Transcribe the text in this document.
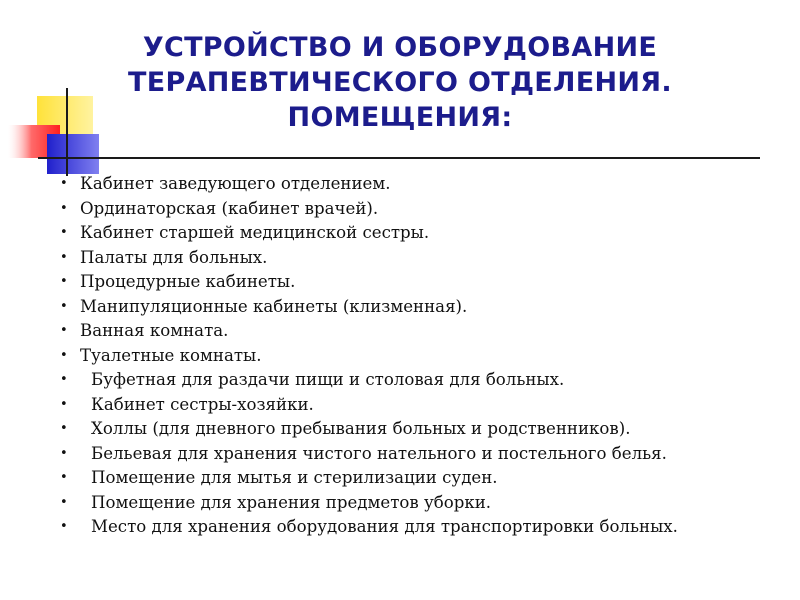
УСТРОЙСТВО И ОБОРУДОВАНИЕ
ТЕРАПЕВТИЧЕСКОГО ОТДЕЛЕНИЯ.
ПОМЕЩЕНИЯ:
• Кабинет заведующего отделением.
• Ординаторская (кабинет врачей).
• Кабинет старшей медицинской сестры.
• Палаты для больных.
• Процедурные кабинеты.
• Манипуляционные кабинеты (клизменная).
• Ванная комната.
• Туалетные комнаты.
• Буфетная для раздачи пищи и столовая для больных.
• Кабинет сестры-хозяйки.
• Холлы (для дневного пребывания больных и родственников).
• Бельевая для хранения чистого нательного и постельного белья.
• Помещение для мытья и стерилизации суден.
• Помещение для хранения предметов уборки.
• Место для хранения оборудования для транспортировки больных.
